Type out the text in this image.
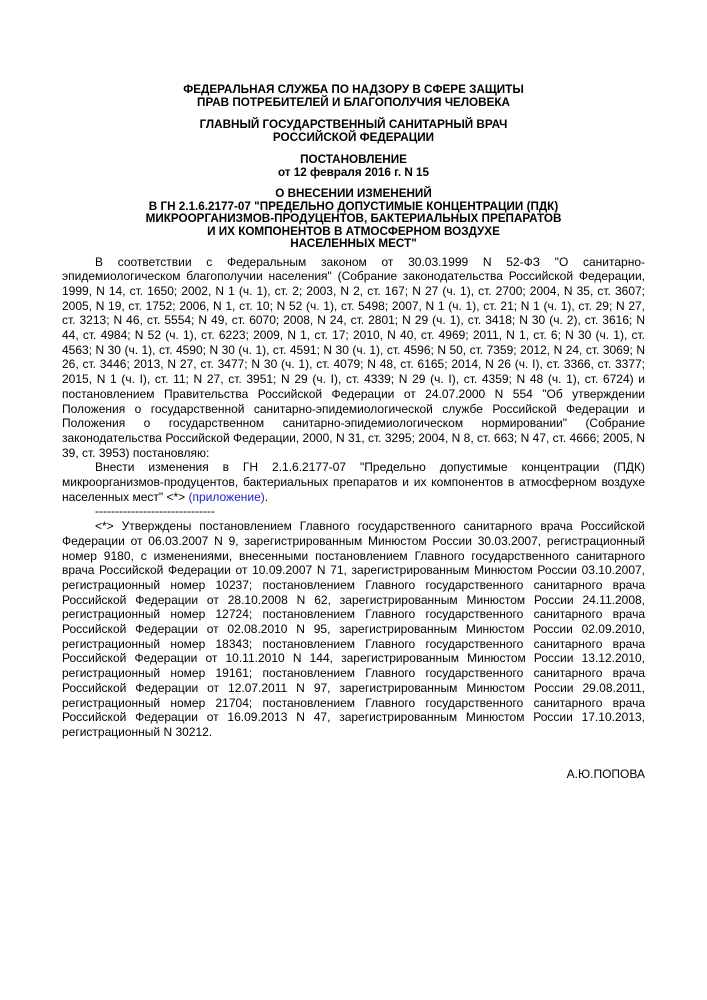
ФЕДЕРАЛЬНАЯ СЛУЖБА ПО НАДЗОРУ В СФЕРЕ ЗАЩИТЫ
ПРАВ ПОТРЕБИТЕЛЕЙ И БЛАГОПОЛУЧИЯ ЧЕЛОВЕКА
ГЛАВНЫЙ ГОСУДАРСТВЕННЫЙ САНИТАРНЫЙ ВРАЧ
РОССИЙСКОЙ ФЕДЕРАЦИИ
ПОСТАНОВЛЕНИЕ
от 12 февраля 2016 г. N 15
О ВНЕСЕНИИ ИЗМЕНЕНИЙ
В ГН 2.1.6.2177-07 "ПРЕДЕЛЬНО ДОПУСТИМЫЕ КОНЦЕНТРАЦИИ (ПДК)
МИКРООРГАНИЗМОВ-ПРОДУЦЕНТОВ, БАКТЕРИАЛЬНЫХ ПРЕПАРАТОВ
И ИХ КОМПОНЕНТОВ В АТМОСФЕРНОМ ВОЗДУХЕ
НАСЕЛЕННЫХ МЕСТ"

В соответствии с Федеральным законом от 30.03.1999 N 52-ФЗ "О санитарно-эпидемиологическом благополучии населения" (Собрание законодательства Российской Федерации, 1999, N 14, ст. 1650; 2002, N 1 (ч. 1), ст. 2; 2003, N 2, ст. 167; N 27 (ч. 1), ст. 2700; 2004, N 35, ст. 3607; 2005, N 19, ст. 1752; 2006, N 1, ст. 10; N 52 (ч. 1), ст. 5498; 2007, N 1 (ч. 1), ст. 21; N 1 (ч. 1), ст. 29; N 27, ст. 3213; N 46, ст. 5554; N 49, ст. 6070; 2008, N 24, ст. 2801; N 29 (ч. 1), ст. 3418; N 30 (ч. 2), ст. 3616; N 44, ст. 4984; N 52 (ч. 1), ст. 6223; 2009, N 1, ст. 17; 2010, N 40, ст. 4969; 2011, N 1, ст. 6; N 30 (ч. 1), ст. 4563; N 30 (ч. 1), ст. 4590; N 30 (ч. 1), ст. 4591; N 30 (ч. 1), ст. 4596; N 50, ст. 7359; 2012, N 24, ст. 3069; N 26, ст. 3446; 2013, N 27, ст. 3477; N 30 (ч. 1), ст. 4079; N 48, ст. 6165; 2014, N 26 (ч. I), ст. 3366, ст. 3377; 2015, N 1 (ч. I), ст. 11; N 27, ст. 3951; N 29 (ч. I), ст. 4339; N 29 (ч. I), ст. 4359; N 48 (ч. 1), ст. 6724) и постановлением Правительства Российской Федерации от 24.07.2000 N 554 "Об утверждении Положения о государственной санитарно-эпидемиологической службе Российской Федерации и Положения о государственном санитарно-эпидемиологическом нормировании" (Собрание законодательства Российской Федерации, 2000, N 31, ст. 3295; 2004, N 8, ст. 663; N 47, ст. 4666; 2005, N 39, ст. 3953) постановляю:

Внести изменения в ГН 2.1.6.2177-07 "Предельно допустимые концентрации (ПДК) микроорганизмов-продуцентов, бактериальных препаратов и их компонентов в атмосферном воздухе населенных мест" <*> (приложение).

------------------------------

<*> Утверждены постановлением Главного государственного санитарного врача Российской Федерации от 06.03.2007 N 9, зарегистрированным Минюстом России 30.03.2007, регистрационный номер 9180, с изменениями, внесенными постановлением Главного государственного санитарного врача Российской Федерации от 10.09.2007 N 71, зарегистрированным Минюстом России 03.10.2007, регистрационный номер 10237; постановлением Главного государственного санитарного врача Российской Федерации от 28.10.2008 N 62, зарегистрированным Минюстом России 24.11.2008, регистрационный номер 12724; постановлением Главного государственного санитарного врача Российской Федерации от 02.08.2010 N 95, зарегистрированным Минюстом России 02.09.2010, регистрационный номер 18343; постановлением Главного государственного санитарного врача Российской Федерации от 10.11.2010 N 144, зарегистрированным Минюстом России 13.12.2010, регистрационный номер 19161; постановлением Главного государственного санитарного врача Российской Федерации от 12.07.2011 N 97, зарегистрированным Минюстом России 29.08.2011, регистрационный номер 21704; постановлением Главного государственного санитарного врача Российской Федерации от 16.09.2013 N 47, зарегистрированным Минюстом России 17.10.2013, регистрационный N 30212.

А.Ю.ПОПОВА
